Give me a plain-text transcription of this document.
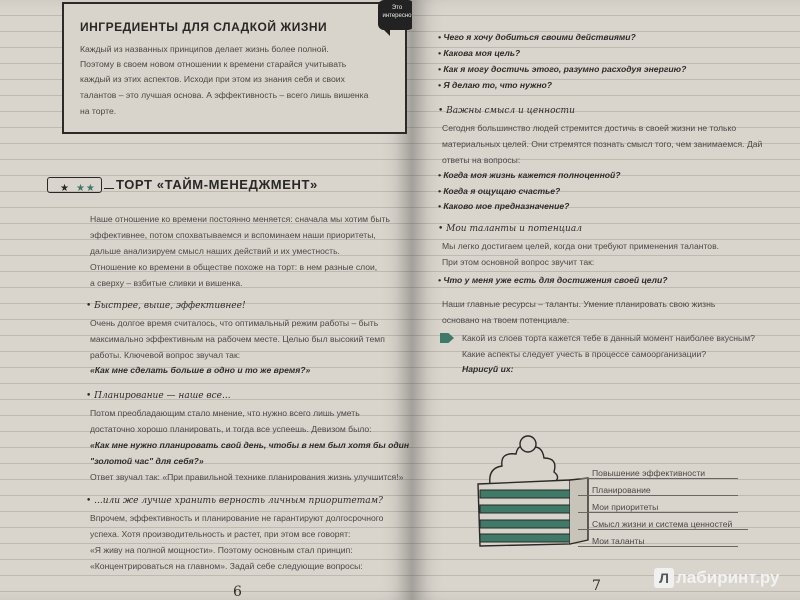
Это интересно
ИНГРЕДИЕНТЫ ДЛЯ СЛАДКОЙ ЖИЗНИ
Каждый из названных принципов делает жизнь более полной.
Поэтому в своем новом отношении к времени старайся учитывать
каждый из этих аспектов. Исходи при этом из знания себя и своих
талантов – это лучшая основа. А эффективность – всего лишь вишенка
на торте.
★ ★★	ТОРТ «ТАЙМ-МЕНЕДЖМЕНТ»
Наше отношение ко времени постоянно меняется: сначала мы хотим быть
эффективнее, потом спохватываемся и вспоминаем наши приоритеты,
дальше анализируем смысл наших действий и их уместность.
Отношение ко времени в обществе похоже на торт: в нем разные слои,
а сверху – взбитые сливки и вишенка.
• Быстрее, выше, эффективнее!
Очень долгое время считалось, что оптимальный режим работы – быть
максимально эффективным на рабочем месте. Целью был высокий темп
работы. Ключевой вопрос звучал так:
«Как мне сделать больше в одно и то же время?»
• Планирование — наше все...
Потом преобладающим стало мнение, что нужно всего лишь уметь
достаточно хорошо планировать, и тогда все успеешь. Девизом было:
«Как мне нужно планировать свой день, чтобы в нем был хотя бы один
"золотой час" для себя?»
Ответ звучал так: «При правильной технике планирования жизнь улучшится!»
• ...или же лучше хранить верность личным приоритетам?
Впрочем, эффективность и планирование не гарантируют долгосрочного
успеха. Хотя производительность и растет, при этом все говорят:
«Я живу на полной мощности». Поэтому основным стал принцип:
«Концентрироваться на главном». Задай себе следующие вопросы:
6
• Чего я хочу добиться своими действиями?
• Какова моя цель?
• Как я могу достичь этого, разумно расходуя энергию?
• Я делаю то, что нужно?
• Важны смысл и ценности
Сегодня большинство людей стремится достичь в своей жизни не только
материальных целей. Они стремятся познать смысл того, чем занимаемся. Дай
ответы на вопросы:
• Когда моя жизнь кажется полноценной?
• Когда я ощущаю счастье?
• Каково мое предназначение?
• Мои таланты и потенциал
Мы легко достигаем целей, когда они требуют применения талантов.
При этом основной вопрос звучит так:
• Что у меня уже есть для достижения своей цели?
Наши главные ресурсы – таланты. Умение планировать свою жизнь
основано на твоем потенциале.
Какой из слоев торта кажется тебе в данный момент наиболее вкусным?
Какие аспекты следует учесть в процессе самоорганизации?
Нарисуй их:
Повышение эффективности
Планирование
Мои приоритеты
Смысл жизни и система ценностей
Мои таланты
7	Л лабиринт.ру
